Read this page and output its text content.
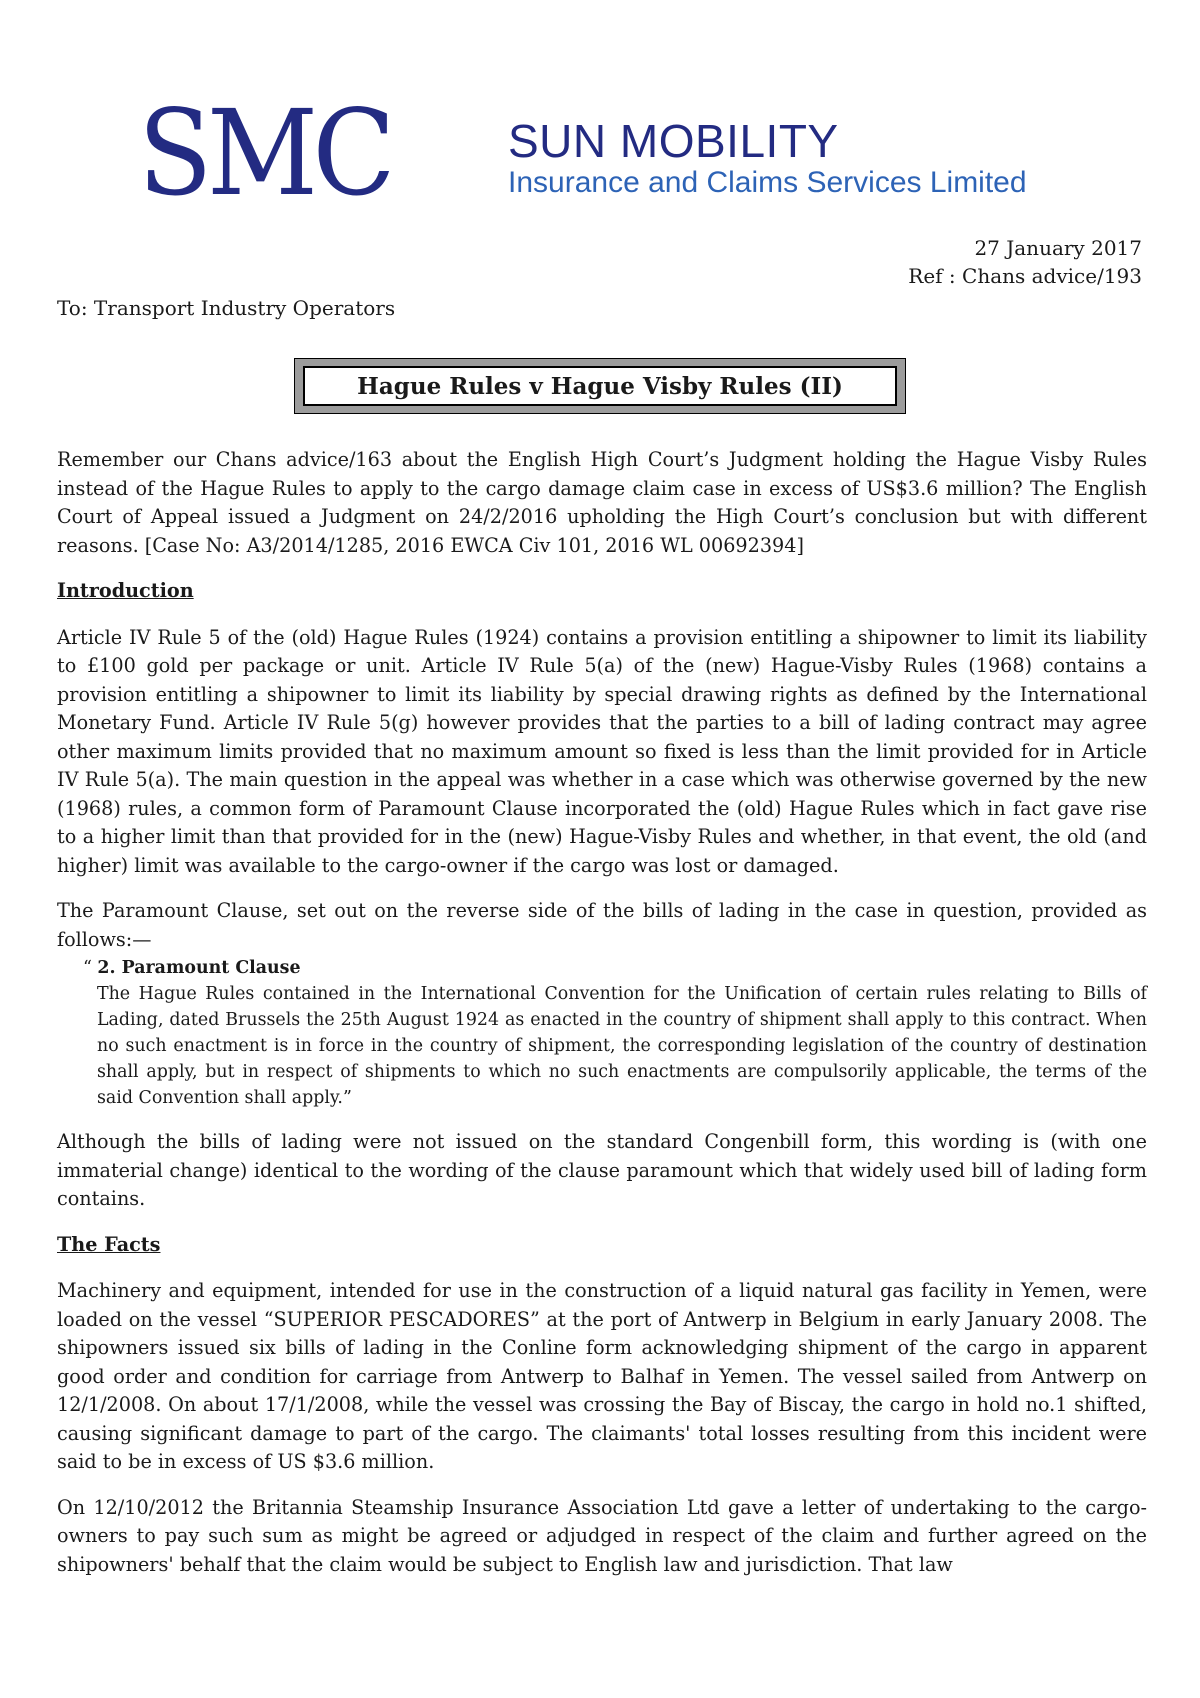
SMC	SUN MOBILITY
Insurance and Claims Services Limited
27 January 2017
Ref : Chans advice/193
To: Transport Industry Operators
Hague Rules v Hague Visby Rules (II)

Remember our Chans advice/163 about the English High Court’s Judgment holding the Hague Visby Rules instead of the Hague Rules to apply to the cargo damage claim case in excess of US$3.6 million? The English Court of Appeal issued a Judgment on 24/2/2016 upholding the High Court’s conclusion but with different reasons. [Case No: A3/2014/1285, 2016 EWCA Civ 101, 2016 WL 00692394]

Introduction

Article IV Rule 5 of the (old) Hague Rules (1924) contains a provision entitling a shipowner to limit its liability to £100 gold per package or unit. Article IV Rule 5(a) of the (new) Hague-Visby Rules (1968) contains a provision entitling a shipowner to limit its liability by special drawing rights as defined by the International Monetary Fund. Article IV Rule 5(g) however provides that the parties to a bill of lading contract may agree other maximum limits provided that no maximum amount so fixed is less than the limit provided for in Article IV Rule 5(a). The main question in the appeal was whether in a case which was otherwise governed by the new (1968) rules, a common form of Paramount Clause incorporated the (old) Hague Rules which in fact gave rise to a higher limit than that provided for in the (new) Hague-Visby Rules and whether, in that event, the old (and higher) limit was available to the cargo-owner if the cargo was lost or damaged.

The Paramount Clause, set out on the reverse side of the bills of lading in the case in question, provided as follows:—

“ 2. Paramount Clause
The Hague Rules contained in the International Convention for the Unification of certain rules relating to Bills of Lading, dated Brussels the 25th August 1924 as enacted in the country of shipment shall apply to this contract. When no such enactment is in force in the country of shipment, the corresponding legislation of the country of destination shall apply, but in respect of shipments to which no such enactments are compulsorily applicable, the terms of the said Convention shall apply.”

Although the bills of lading were not issued on the standard Congenbill form, this wording is (with one immaterial change) identical to the wording of the clause paramount which that widely used bill of lading form contains.

The Facts

Machinery and equipment, intended for use in the construction of a liquid natural gas facility in Yemen, were loaded on the vessel “SUPERIOR PESCADORES” at the port of Antwerp in Belgium in early January 2008. The shipowners issued six bills of lading in the Conline form acknowledging shipment of the cargo in apparent good order and condition for carriage from Antwerp to Balhaf in Yemen. The vessel sailed from Antwerp on 12/1/2008. On about 17/1/2008, while the vessel was crossing the Bay of Biscay, the cargo in hold no.1 shifted, causing significant damage to part of the cargo. The claimants' total losses resulting from this incident were said to be in excess of US $3.6 million.

On 12/10/2012 the Britannia Steamship Insurance Association Ltd gave a letter of undertaking to the cargo-owners to pay such sum as might be agreed or adjudged in respect of the claim and further agreed on the shipowners' behalf that the claim would be subject to English law and jurisdiction. That law
